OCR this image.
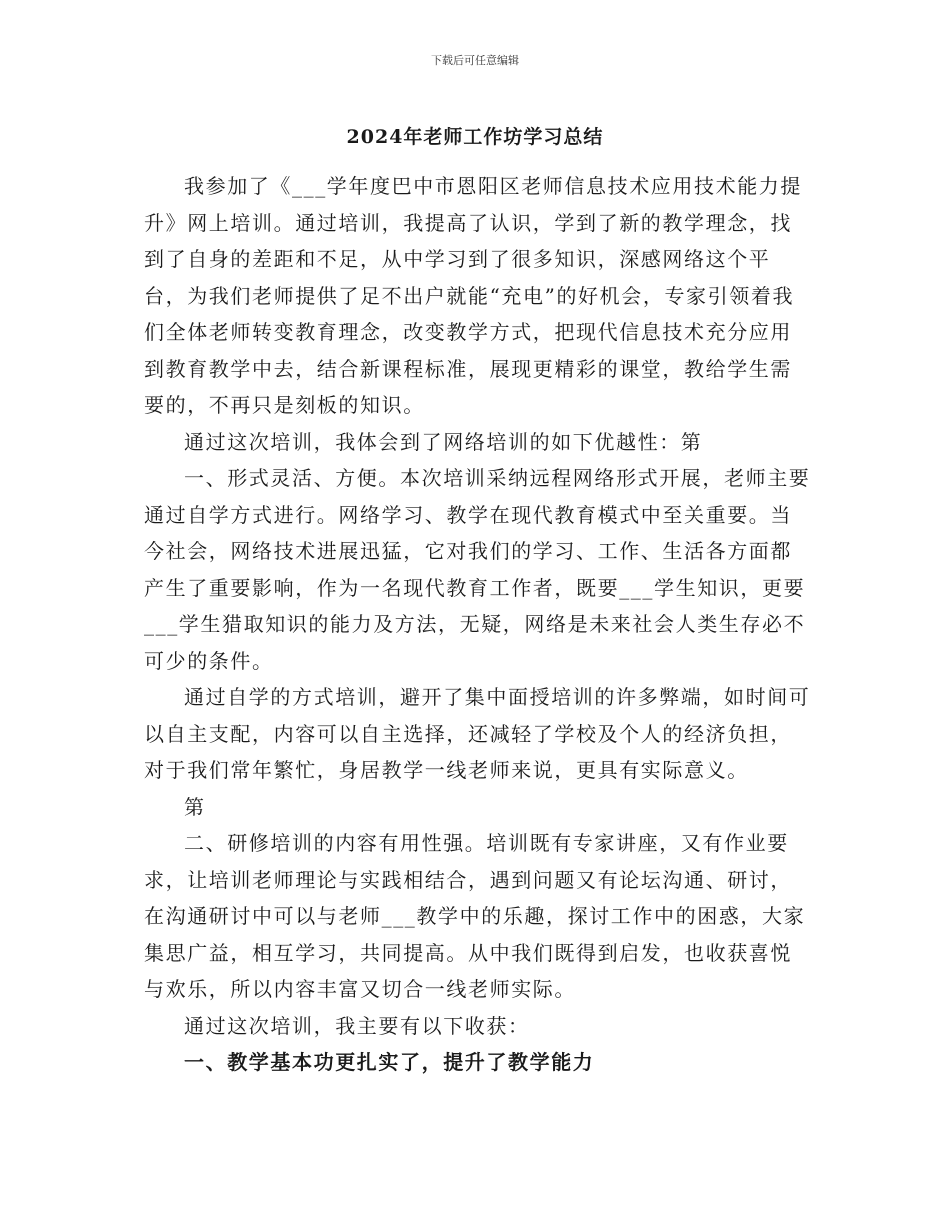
下载后可任意编辑
2024年老师工作坊学习总结

我参加了《___学年度巴中市恩阳区老师信息技术应用技术能力提升》网上培训。通过培训，我提高了认识，学到了新的教学理念，找到了自身的差距和不足，从中学习到了很多知识，深感网络这个平台，为我们老师提供了足不出户就能“充电”的好机会，专家引领着我们全体老师转变教育理念，改变教学方式，把现代信息技术充分应用到教育教学中去，结合新课程标准，展现更精彩的课堂，教给学生需要的，不再只是刻板的知识。

通过这次培训，我体会到了网络培训的如下优越性：第

一、形式灵活、方便。本次培训采纳远程网络形式开展，老师主要通过自学方式进行。网络学习、教学在现代教育模式中至关重要。当今社会，网络技术进展迅猛，它对我们的学习、工作、生活各方面都产生了重要影响，作为一名现代教育工作者，既要___学生知识，更要___学生猎取知识的能力及方法，无疑，网络是未来社会人类生存必不可少的条件。

通过自学的方式培训，避开了集中面授培训的许多弊端，如时间可以自主支配，内容可以自主选择，还减轻了学校及个人的经济负担，对于我们常年繁忙，身居教学一线老师来说，更具有实际意义。

第

二、研修培训的内容有用性强。培训既有专家讲座，又有作业要求，让培训老师理论与实践相结合，遇到问题又有论坛沟通、研讨，在沟通研讨中可以与老师___教学中的乐趣，探讨工作中的困惑，大家集思广益，相互学习，共同提高。从中我们既得到启发，也收获喜悦与欢乐，所以内容丰富又切合一线老师实际。

通过这次培训，我主要有以下收获：

一、教学基本功更扎实了，提升了教学能力
